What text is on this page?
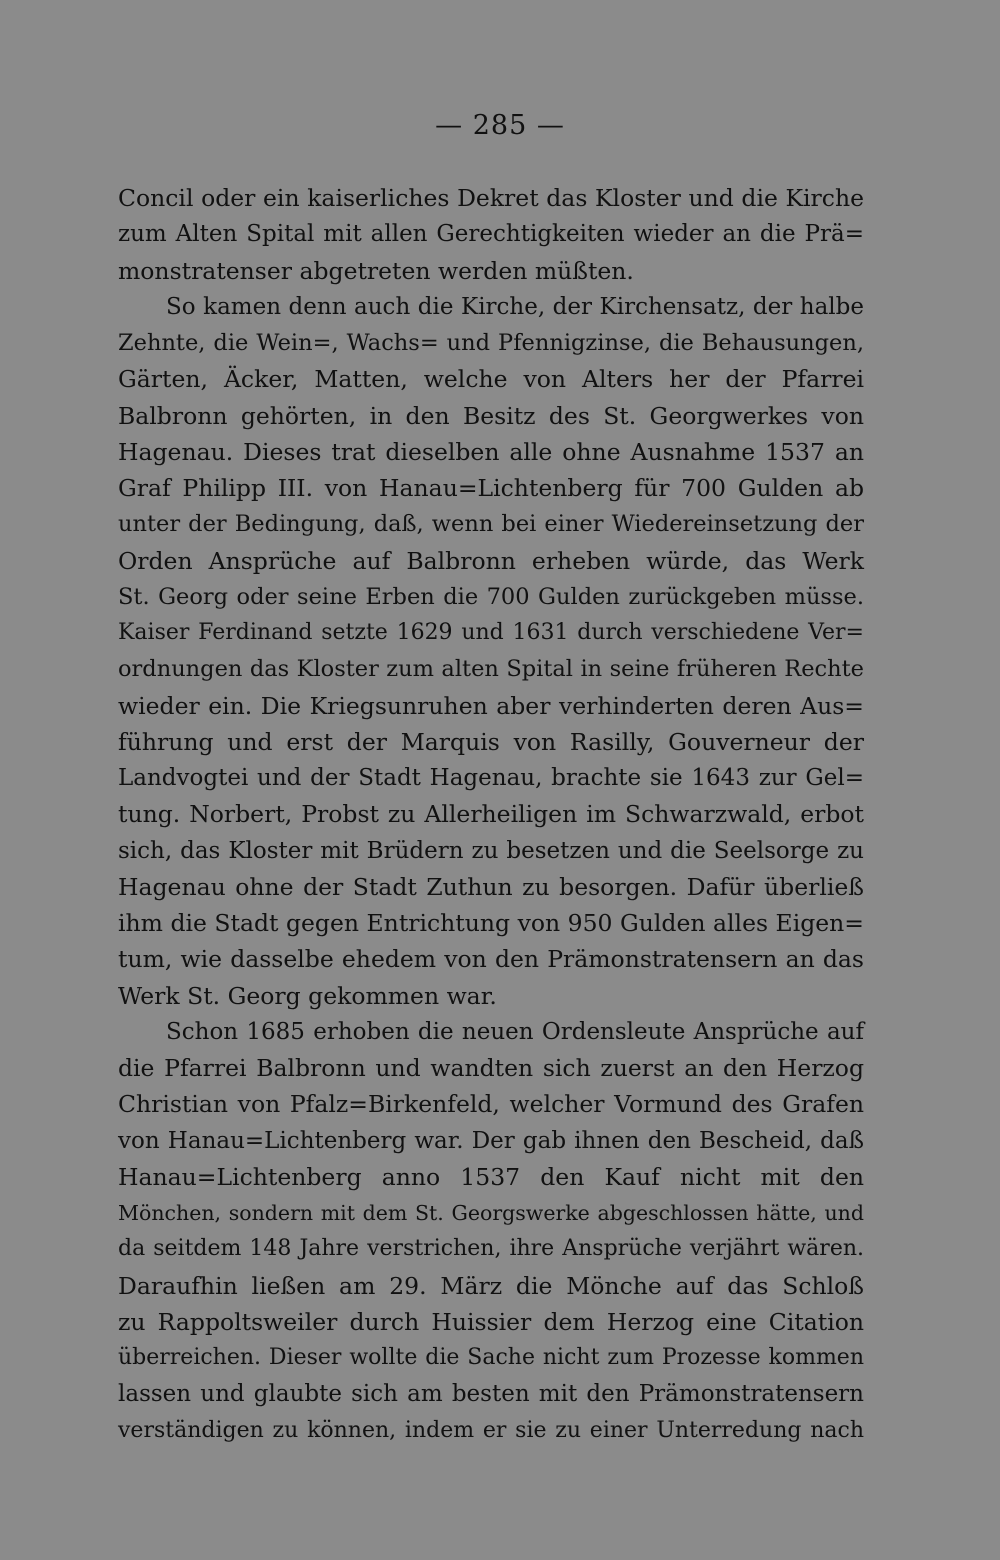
— 285 —
Concil oder ein kaiserliches Dekret das Kloster und die Kirche
zum Alten Spital mit allen Gerechtigkeiten wieder an die Prä=
monstratenser abgetreten werden müßten.
So kamen denn auch die Kirche, der Kirchensatz, der halbe
Zehnte, die Wein=, Wachs= und Pfennigzinse, die Behausungen,
Gärten, Äcker, Matten, welche von Alters her der Pfarrei
Balbronn gehörten, in den Besitz des St. Georgwerkes von
Hagenau. Dieses trat dieselben alle ohne Ausnahme 1537 an
Graf Philipp III. von Hanau=Lichtenberg für 700 Gulden ab
unter der Bedingung, daß, wenn bei einer Wiedereinsetzung der
Orden Ansprüche auf Balbronn erheben würde, das Werk
St. Georg oder seine Erben die 700 Gulden zurückgeben müsse.
Kaiser Ferdinand setzte 1629 und 1631 durch verschiedene Ver=
ordnungen das Kloster zum alten Spital in seine früheren Rechte
wieder ein. Die Kriegsunruhen aber verhinderten deren Aus=
führung und erst der Marquis von Rasilly, Gouverneur der
Landvogtei und der Stadt Hagenau, brachte sie 1643 zur Gel=
tung. Norbert, Probst zu Allerheiligen im Schwarzwald, erbot
sich, das Kloster mit Brüdern zu besetzen und die Seelsorge zu
Hagenau ohne der Stadt Zuthun zu besorgen. Dafür überließ
ihm die Stadt gegen Entrichtung von 950 Gulden alles Eigen=
tum, wie dasselbe ehedem von den Prämonstratensern an das
Werk St. Georg gekommen war.
Schon 1685 erhoben die neuen Ordensleute Ansprüche auf
die Pfarrei Balbronn und wandten sich zuerst an den Herzog
Christian von Pfalz=Birkenfeld, welcher Vormund des Grafen
von Hanau=Lichtenberg war. Der gab ihnen den Bescheid, daß
Hanau=Lichtenberg anno 1537 den Kauf nicht mit den
Mönchen, sondern mit dem St. Georgswerke abgeschlossen hätte, und
da seitdem 148 Jahre verstrichen, ihre Ansprüche verjährt wären.
Daraufhin ließen am 29. März die Mönche auf das Schloß
zu Rappoltsweiler durch Huissier dem Herzog eine Citation
überreichen. Dieser wollte die Sache nicht zum Prozesse kommen
lassen und glaubte sich am besten mit den Prämonstratensern
verständigen zu können, indem er sie zu einer Unterredung nach
